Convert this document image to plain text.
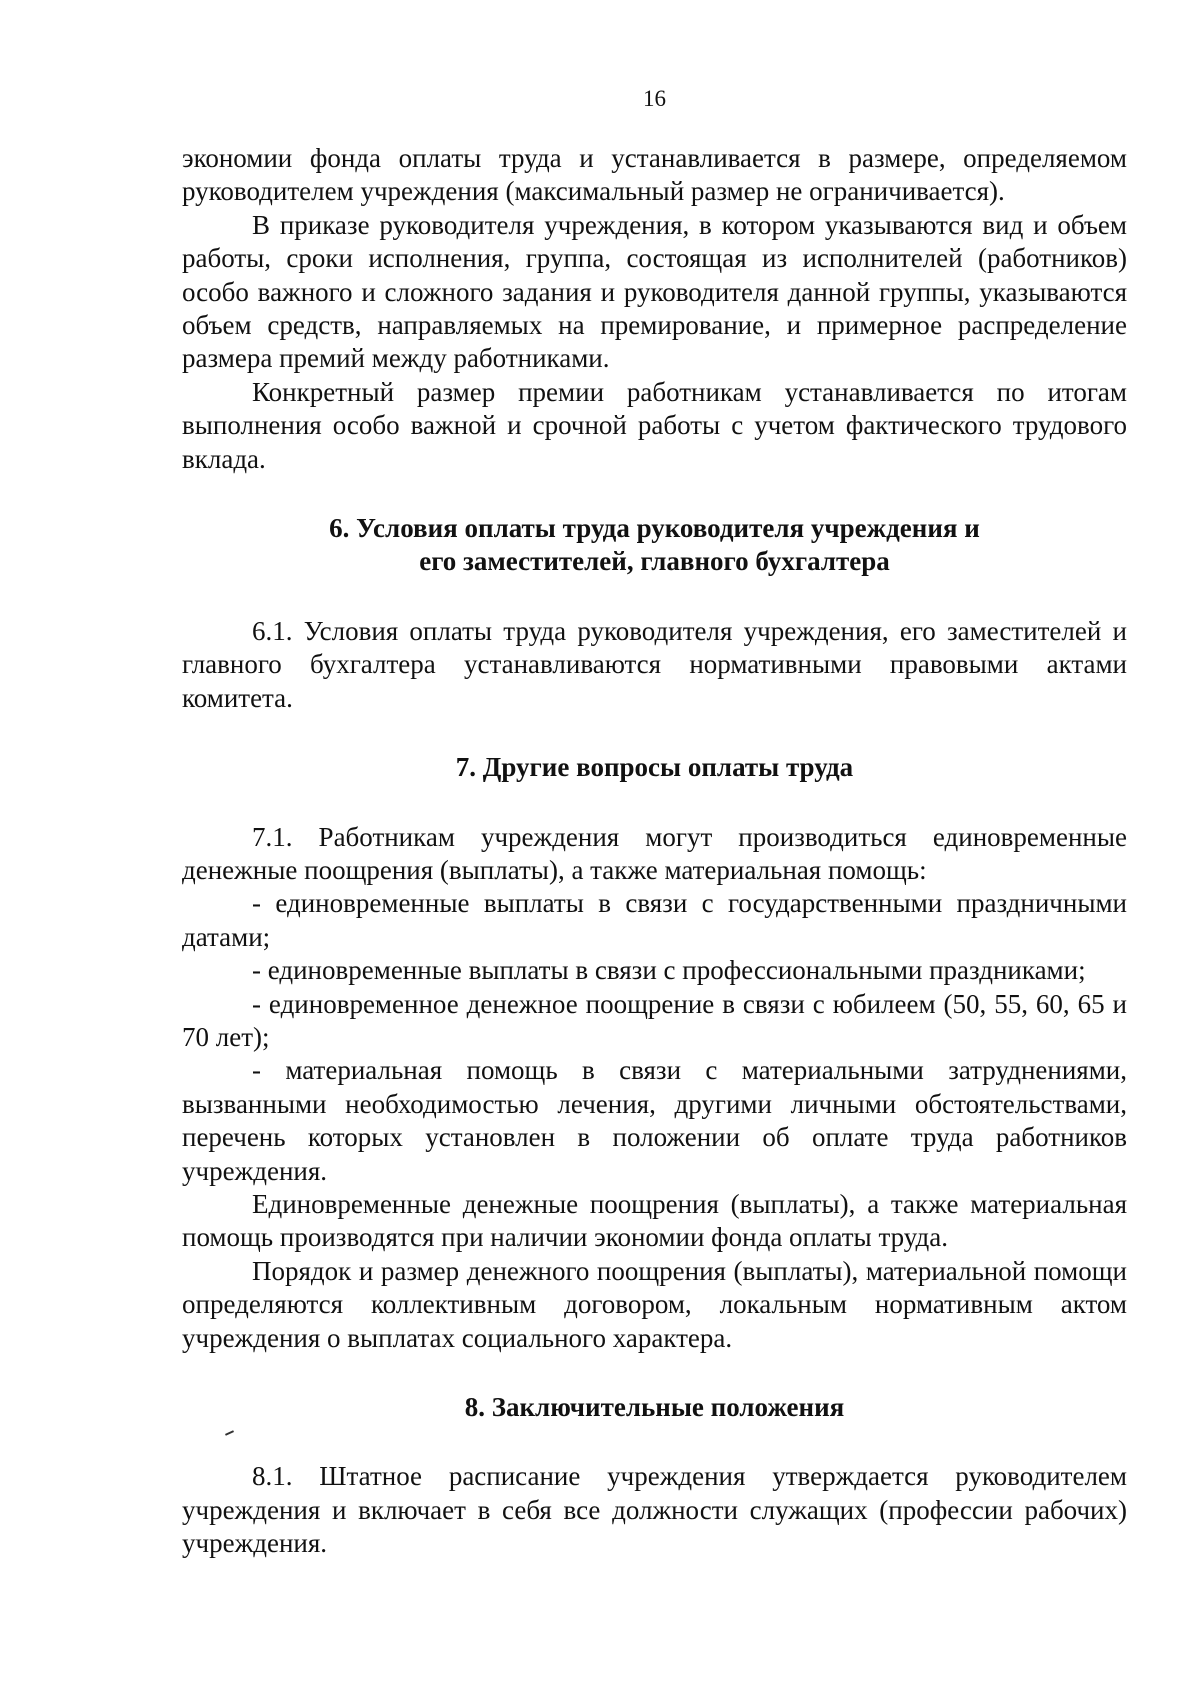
16

экономии фонда оплаты труда и устанавливается в размере, определяемом руководителем учреждения (максимальный размер не ограничивается).

В приказе руководителя учреждения, в котором указываются вид и объем работы, сроки исполнения, группа, состоящая из исполнителей (работников) особо важного и сложного задания и руководителя данной группы, указываются объем средств, направляемых на премирование, и примерное распределение размера премий между работниками.

Конкретный размер премии работникам устанавливается по итогам выполнения особо важной и срочной работы с учетом фактического трудового вклада.

6. Условия оплаты труда руководителя учреждения и
его заместителей, главного бухгалтера

6.1. Условия оплаты труда руководителя учреждения, его заместителей и главного бухгалтера устанавливаются нормативными правовыми актами комитета.

7. Другие вопросы оплаты труда

7.1. Работникам учреждения могут производиться единовременные денежные поощрения (выплаты), а также материальная помощь:

- единовременные выплаты в связи с государственными праздничными датами;

- единовременные выплаты в связи с профессиональными праздниками;

- единовременное денежное поощрение в связи с юбилеем (50, 55, 60, 65 и 70 лет);

- материальная помощь в связи с материальными затруднениями, вызванными необходимостью лечения, другими личными обстоятельствами, перечень которых установлен в положении об оплате труда работников учреждения.

Единовременные денежные поощрения (выплаты), а также материальная помощь производятся при наличии экономии фонда оплаты труда.

Порядок и размер денежного поощрения (выплаты), материальной помощи определяются коллективным договором, локальным нормативным актом учреждения о выплатах социального характера.

8. Заключительные положения

8.1. Штатное расписание учреждения утверждается руководителем учреждения и включает в себя все должности служащих (профессии рабочих) учреждения.
